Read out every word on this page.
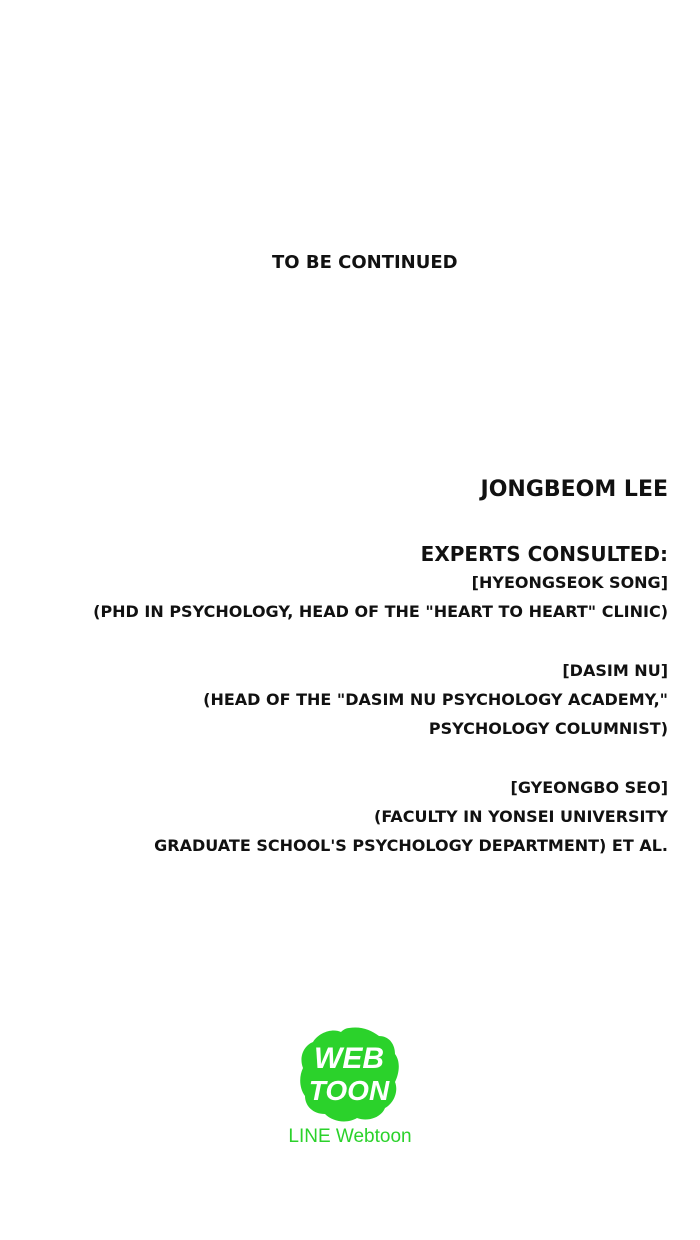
TO BE CONTINUED
JONGBEOM LEE
EXPERTS CONSULTED:
[HYEONGSEOK SONG]
(PHD IN PSYCHOLOGY, HEAD OF THE "HEART TO HEART" CLINIC)
[DASIM NU]
(HEAD OF THE "DASIM NU PSYCHOLOGY ACADEMY,"
PSYCHOLOGY COLUMNIST)
[GYEONGBO SEO]
(FACULTY IN YONSEI UNIVERSITY
GRADUATE SCHOOL'S PSYCHOLOGY DEPARTMENT) ET AL.
WEB
TOON
LINE Webtoon
